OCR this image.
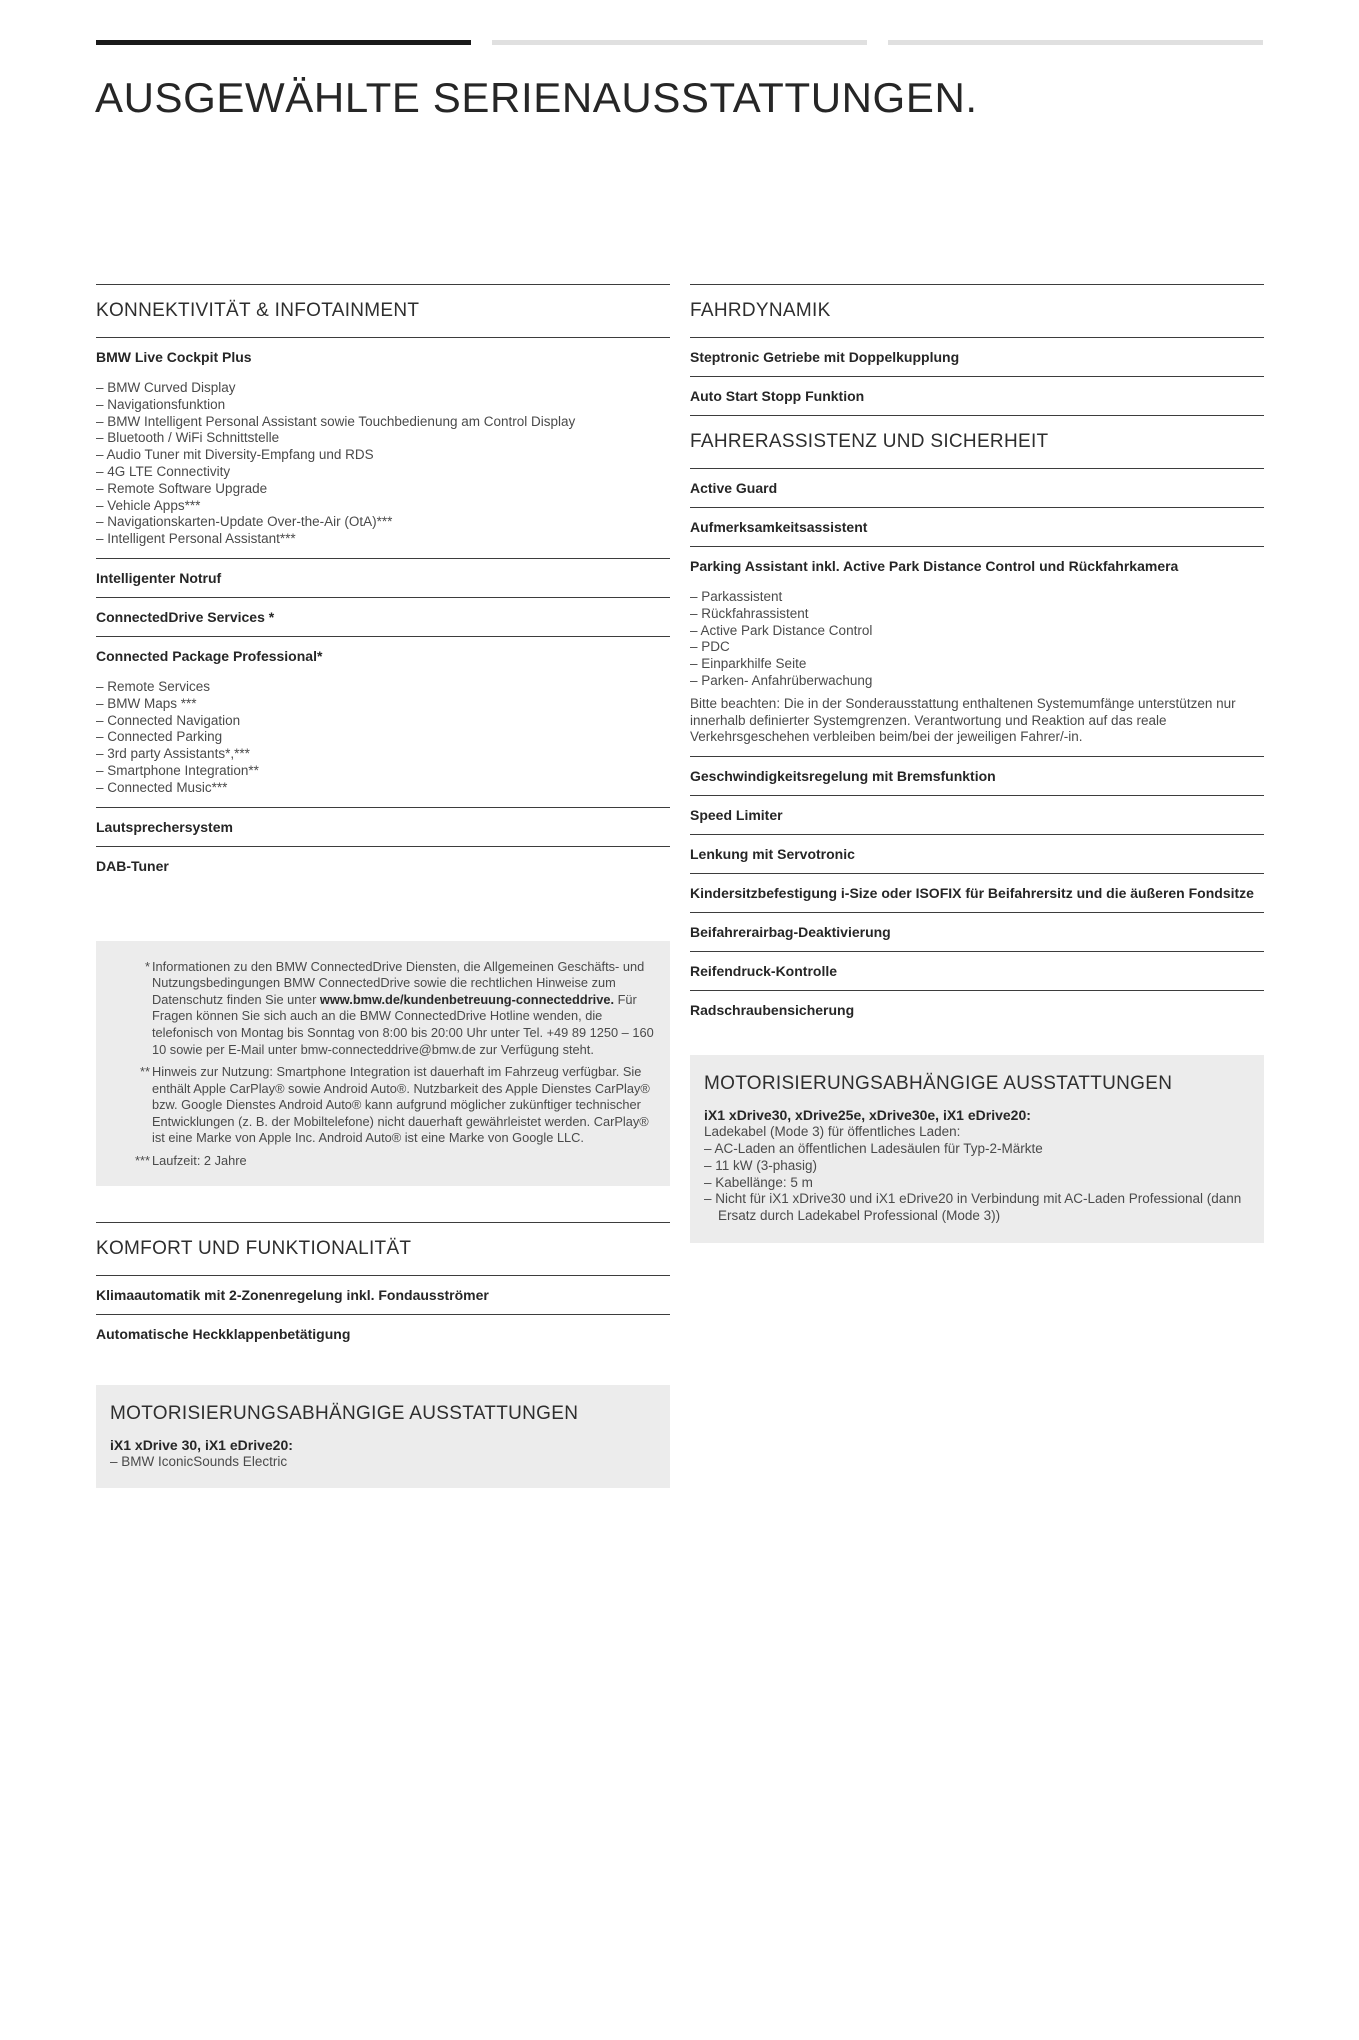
AUSGEWÄHLTE SERIENAUSSTATTUNGEN.
KONNEKTIVITÄT & INFOTAINMENT
BMW Live Cockpit Plus
– BMW Curved Display
– Navigationsfunktion
– BMW Intelligent Personal Assistant sowie Touchbedienung am Control Display
– Bluetooth / WiFi Schnittstelle
– Audio Tuner mit Diversity-Empfang und RDS
– 4G LTE Connectivity
– Remote Software Upgrade
– Vehicle Apps***
– Navigationskarten-Update Over-the-Air (OtA)***
– Intelligent Personal Assistant***
Intelligenter Notruf
ConnectedDrive Services *
Connected Package Professional*
– Remote Services
– BMW Maps ***
– Connected Navigation
– Connected Parking
– 3rd party Assistants*,***
– Smartphone Integration**
– Connected Music***
Lautsprechersystem
DAB-Tuner
* Informationen zu den BMW ConnectedDrive Diensten, die Allgemeinen Geschäfts- und Nutzungsbedingungen BMW ConnectedDrive sowie die rechtlichen Hinweise zum Datenschutz finden Sie unter www.bmw.de/kundenbetreuung-connecteddrive. Für Fragen können Sie sich auch an die BMW ConnectedDrive Hotline wenden, die telefonisch von Montag bis Sonntag von 8:00 bis 20:00 Uhr unter Tel. +49 89 1250 – 160 10 sowie per E-Mail unter bmw-connecteddrive@bmw.de zur Verfügung steht.
** Hinweis zur Nutzung: Smartphone Integration ist dauerhaft im Fahrzeug verfügbar. Sie enthält Apple CarPlay® sowie Android Auto®. Nutzbarkeit des Apple Dienstes CarPlay® bzw. Google Dienstes Android Auto® kann aufgrund möglicher zukünftiger technischer Entwicklungen (z. B. der Mobiltelefone) nicht dauerhaft gewährleistet werden. CarPlay® ist eine Marke von Apple Inc. Android Auto® ist eine Marke von Google LLC.
*** Laufzeit: 2 Jahre
KOMFORT UND FUNKTIONALITÄT
Klimaautomatik mit 2-Zonenregelung inkl. Fondausströmer
Automatische Heckklappenbetätigung
MOTORISIERUNGSABHÄNGIGE AUSSTATTUNGEN
iX1 xDrive 30, iX1 eDrive20:
– BMW IconicSounds Electric
FAHRDYNAMIK
Steptronic Getriebe mit Doppelkupplung
Auto Start Stopp Funktion
FAHRERASSISTENZ UND SICHERHEIT
Active Guard
Aufmerksamkeitsassistent
Parking Assistant inkl. Active Park Distance Control und Rückfahrkamera
– Parkassistent
– Rückfahrassistent
– Active Park Distance Control
– PDC
– Einparkhilfe Seite
– Parken- Anfahrüberwachung
Bitte beachten: Die in der Sonderausstattung enthaltenen Systemumfänge unterstützen nur innerhalb definierter Systemgrenzen. Verantwortung und Reaktion auf das reale Verkehrsgeschehen verbleiben beim/bei der jeweiligen Fahrer/-in.
Geschwindigkeitsregelung mit Bremsfunktion
Speed Limiter
Lenkung mit Servotronic
Kindersitzbefestigung i-Size oder ISOFIX für Beifahrersitz und die äußeren Fondsitze
Beifahrerairbag-Deaktivierung
Reifendruck-Kontrolle
Radschraubensicherung
MOTORISIERUNGSABHÄNGIGE AUSSTATTUNGEN
iX1 xDrive30, xDrive25e, xDrive30e, iX1 eDrive20:
Ladekabel (Mode 3) für öffentliches Laden:
– AC-Laden an öffentlichen Ladesäulen für Typ-2-Märkte
– 11 kW (3-phasig)
– Kabellänge: 5 m
– Nicht für iX1 xDrive30 und iX1 eDrive20 in Verbindung mit AC-Laden Professional (dann Ersatz durch Ladekabel Professional (Mode 3))
